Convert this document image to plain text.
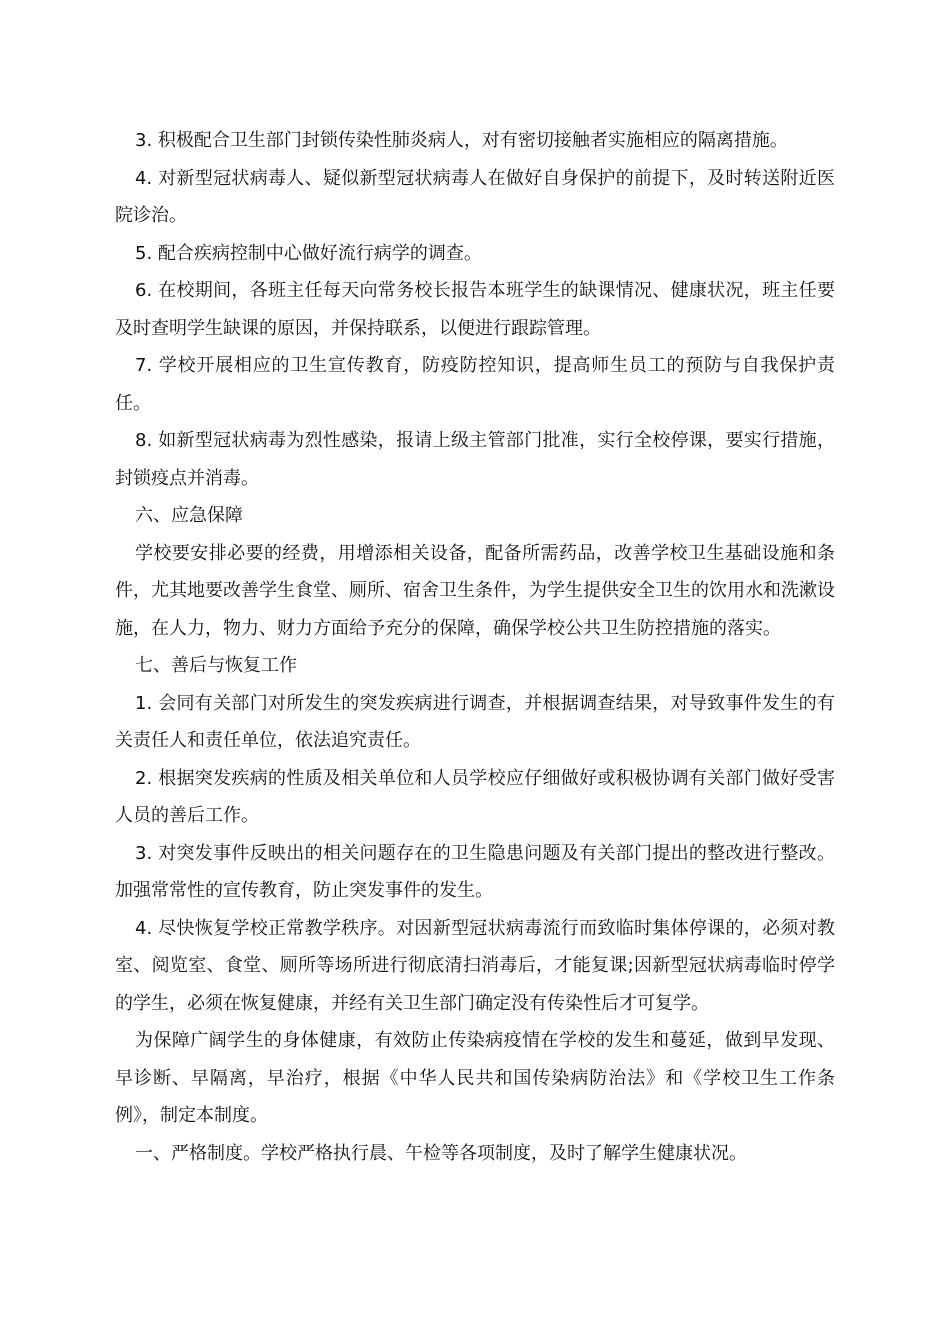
3. 积极配合卫生部门封锁传染性肺炎病人，对有密切接触者实施相应的隔离措施。

4. 对新型冠状病毒人、疑似新型冠状病毒人在做好自身保护的前提下，及时转送附近医院诊治。

5. 配合疾病控制中心做好流行病学的调查。

6. 在校期间，各班主任每天向常务校长报告本班学生的缺课情况、健康状况，班主任要及时查明学生缺课的原因，并保持联系，以便进行跟踪管理。

7. 学校开展相应的卫生宣传教育，防疫防控知识，提高师生员工的预防与自我保护责任。

8. 如新型冠状病毒为烈性感染，报请上级主管部门批准，实行全校停课，要实行措施，封锁疫点并消毒。

六、应急保障

学校要安排必要的经费，用增添相关设备，配备所需药品，改善学校卫生基础设施和条件，尤其地要改善学生食堂、厕所、宿舍卫生条件，为学生提供安全卫生的饮用水和洗漱设施，在人力，物力、财力方面给予充分的保障，确保学校公共卫生防控措施的落实。

七、善后与恢复工作

1. 会同有关部门对所发生的突发疾病进行调查，并根据调查结果，对导致事件发生的有关责任人和责任单位，依法追究责任。

2. 根据突发疾病的性质及相关单位和人员学校应仔细做好或积极协调有关部门做好受害人员的善后工作。

3. 对突发事件反映出的相关问题存在的卫生隐患问题及有关部门提出的整改进行整改。加强常常性的宣传教育，防止突发事件的发生。

4. 尽快恢复学校正常教学秩序。对因新型冠状病毒流行而致临时集体停课的，必须对教室、阅览室、食堂、厕所等场所进行彻底清扫消毒后，才能复课;因新型冠状病毒临时停学的学生，必须在恢复健康，并经有关卫生部门确定没有传染性后才可复学。

为保障广阔学生的身体健康，有效防止传染病疫情在学校的发生和蔓延，做到早发现、早诊断、早隔离，早治疗，根据《中华人民共和国传染病防治法》和《学校卫生工作条例》，制定本制度。

一、严格制度。学校严格执行晨、午检等各项制度，及时了解学生健康状况。
